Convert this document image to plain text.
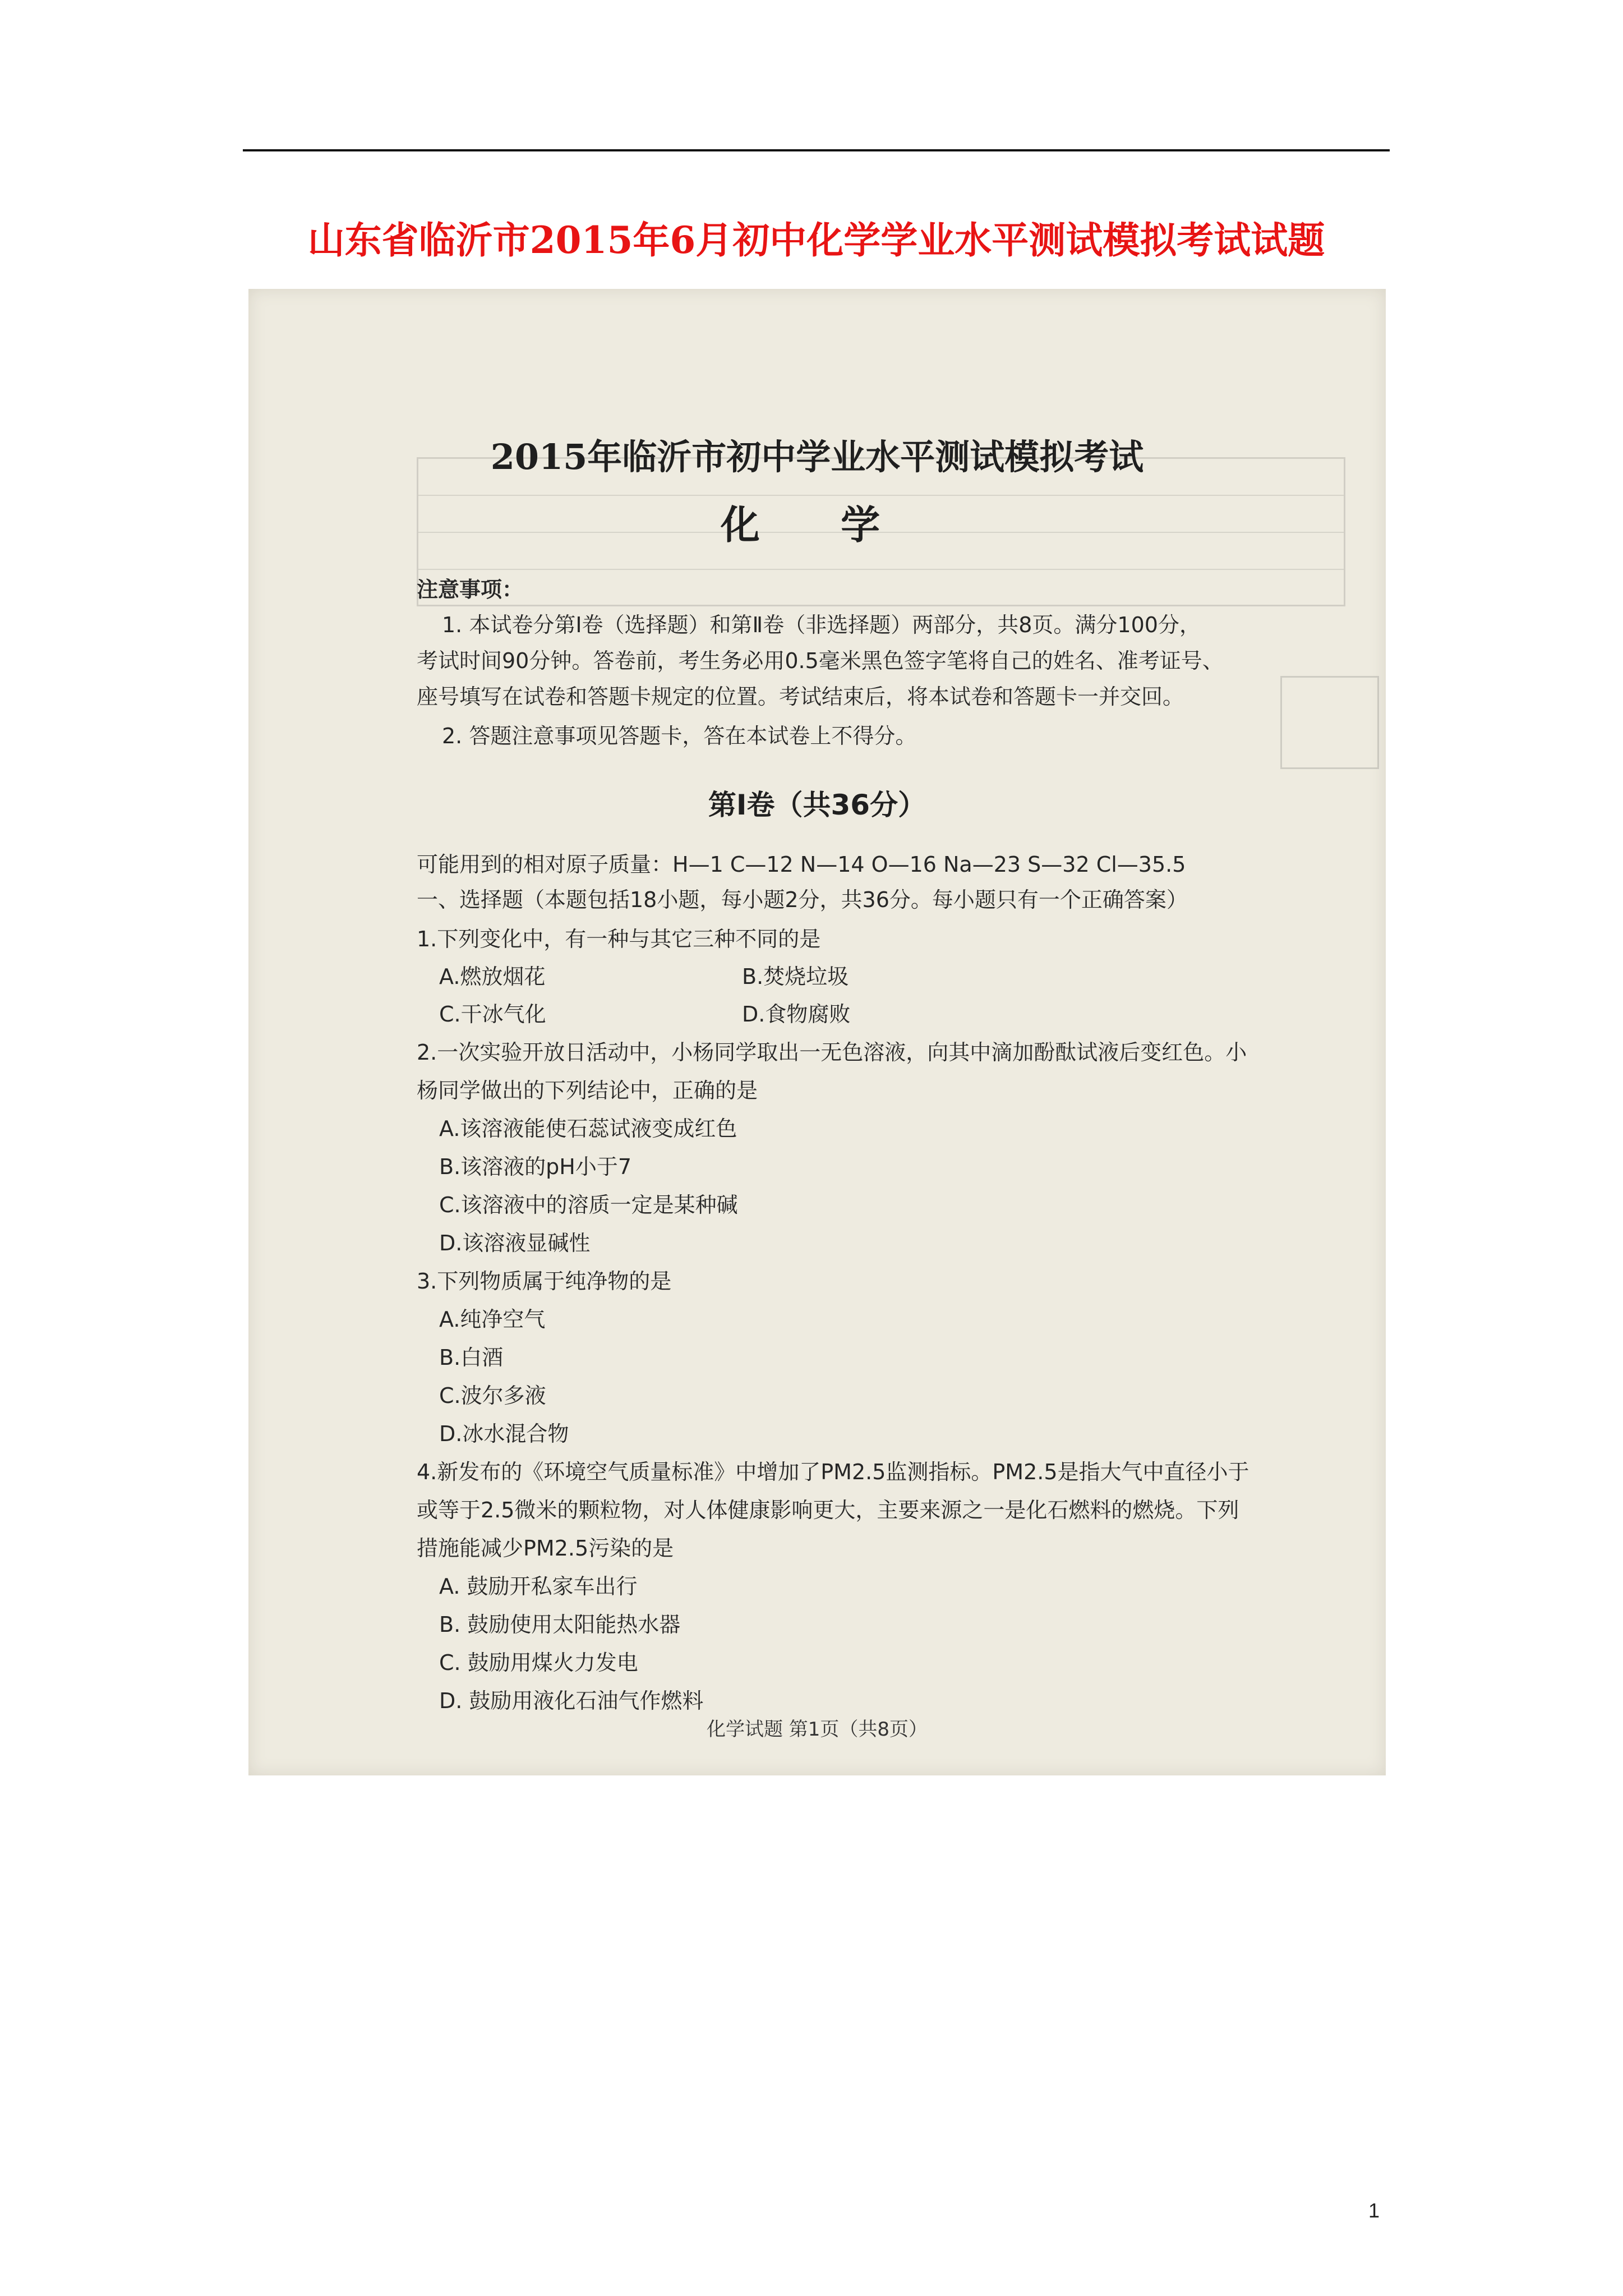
山东省临沂市2015年6月初中化学学业水平测试模拟考试试题
2015年临沂市初中学业水平测试模拟考试
化 学
注意事项：
1. 本试卷分第Ⅰ卷（选择题）和第Ⅱ卷（非选择题）两部分，共8页。满分100分，
考试时间90分钟。答卷前，考生务必用0.5毫米黑色签字笔将自己的姓名、准考证号、
座号填写在试卷和答题卡规定的位置。考试结束后，将本试卷和答题卡一并交回。
2. 答题注意事项见答题卡，答在本试卷上不得分。
第Ⅰ卷（共36分）
可能用到的相对原子质量：H—1 C—12 N—14 O—16 Na—23 S—32 Cl—35.5
一、选择题（本题包括18小题，每小题2分，共36分。每小题只有一个正确答案）
1.下列变化中，有一种与其它三种不同的是
A.燃放烟花	B.焚烧垃圾
C.干冰气化	D.食物腐败
2.一次实验开放日活动中，小杨同学取出一无色溶液，向其中滴加酚酞试液后变红色。小
杨同学做出的下列结论中，正确的是
A.该溶液能使石蕊试液变成红色
B.该溶液的pH小于7
C.该溶液中的溶质一定是某种碱
D.该溶液显碱性
3.下列物质属于纯净物的是
A.纯净空气
B.白酒
C.波尔多液
D.冰水混合物
4.新发布的《环境空气质量标准》中增加了PM2.5监测指标。PM2.5是指大气中直径小于
或等于2.5微米的颗粒物，对人体健康影响更大，主要来源之一是化石燃料的燃烧。下列
措施能减少PM2.5污染的是
A. 鼓励开私家车出行
B. 鼓励使用太阳能热水器
C. 鼓励用煤火力发电
D. 鼓励用液化石油气作燃料
化学试题 第1页（共8页）
1
